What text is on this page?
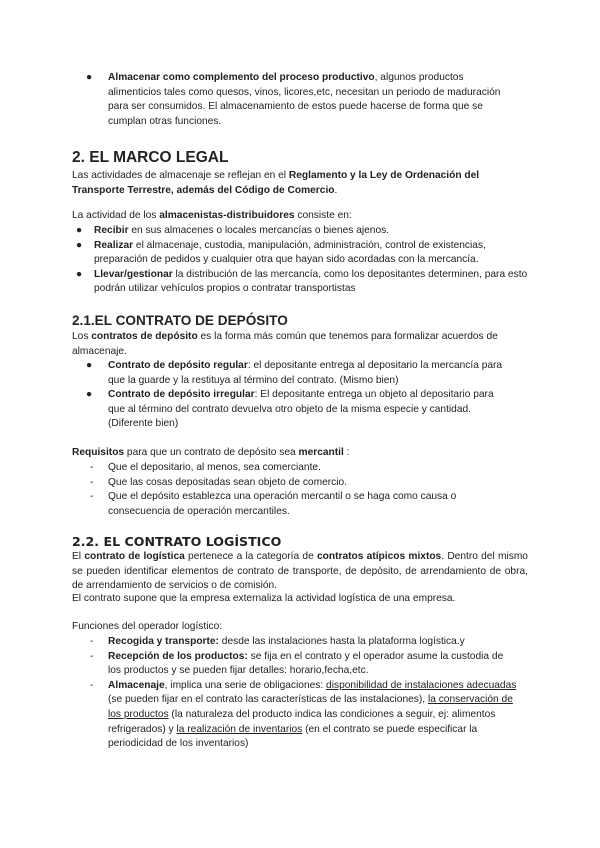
● Almacenar como complemento del proceso productivo, algunos productos alimenticios tales como quesos, vinos, licores,etc, necesitan un periodo de maduración para ser consumidos. El almacenamiento de estos puede hacerse de forma que se cumplan otras funciones.
2. EL MARCO LEGAL

Las actividades de almacenaje se reflejan en el Reglamento y la Ley de Ordenación del Transporte Terrestre, además del Código de Comercio.

La actividad de los almacenistas-distribuidores consiste en:

● Recibir en sus almacenes o locales mercancías o bienes ajenos.
● Realizar el almacenaje, custodia, manipulación, administración, control de existencias, preparación de pedidos y cualquier otra que hayan sido acordadas con la mercancía.
● Llevar/gestionar la distribución de las mercancía, como los depositantes determinen, para esto podrán utilizar vehículos propios o contratar transportistas
2.1.EL CONTRATO DE DEPÓSITO

Los contratos de depósito es la forma más común que tenemos para formalizar acuerdos de almacenaje.

● Contrato de depósito regular: el depositante entrega al depositario la mercancía para que la guarde y la restituya al término del contrato. (Mismo bien)
● Contrato de depósito irregular: El depositante entrega un objeto al depositario para que al término del contrato devuelva otro objeto de la misma especie y cantidad. (Diferente bien)

Requisitos para que un contrato de depósito sea mercantil :

- Que el depositario, al menos, sea comerciante.
- Que las cosas depositadas sean objeto de comercio.
- Que el depósito establezca una operación mercantil o se haga como causa o consecuencia de operación mercantiles.
2.2. EL CONTRATO LOGÍSTICO

El contrato de logística pertenece a la categoría de contratos atípicos mixtos. Dentro del mismo se pueden identificar elementos de contrato de transporte, de depósito, de arrendamiento de obra, de arrendamiento de servicios o de comisión.

El contrato supone que la empresa externaliza la actividad logística de una empresa.

Funciones del operador logístico:

- Recogida y transporte: desde las instalaciones hasta la plataforma logística.y
- Recepción de los productos: se fija en el contrato y el operador asume la custodia de los productos y se pueden fijar detalles: horario,fecha,etc.
- Almacenaje, implica una serie de obligaciones: disponibilidad de instalaciones adecuadas (se pueden fijar en el contrato las características de las instalaciones), la conservación de los productos (la naturaleza del producto indica las condiciones a seguir, ej: alimentos refrigerados) y la realización de inventarios (en el contrato se puede especificar la periodicidad de los inventarios)
